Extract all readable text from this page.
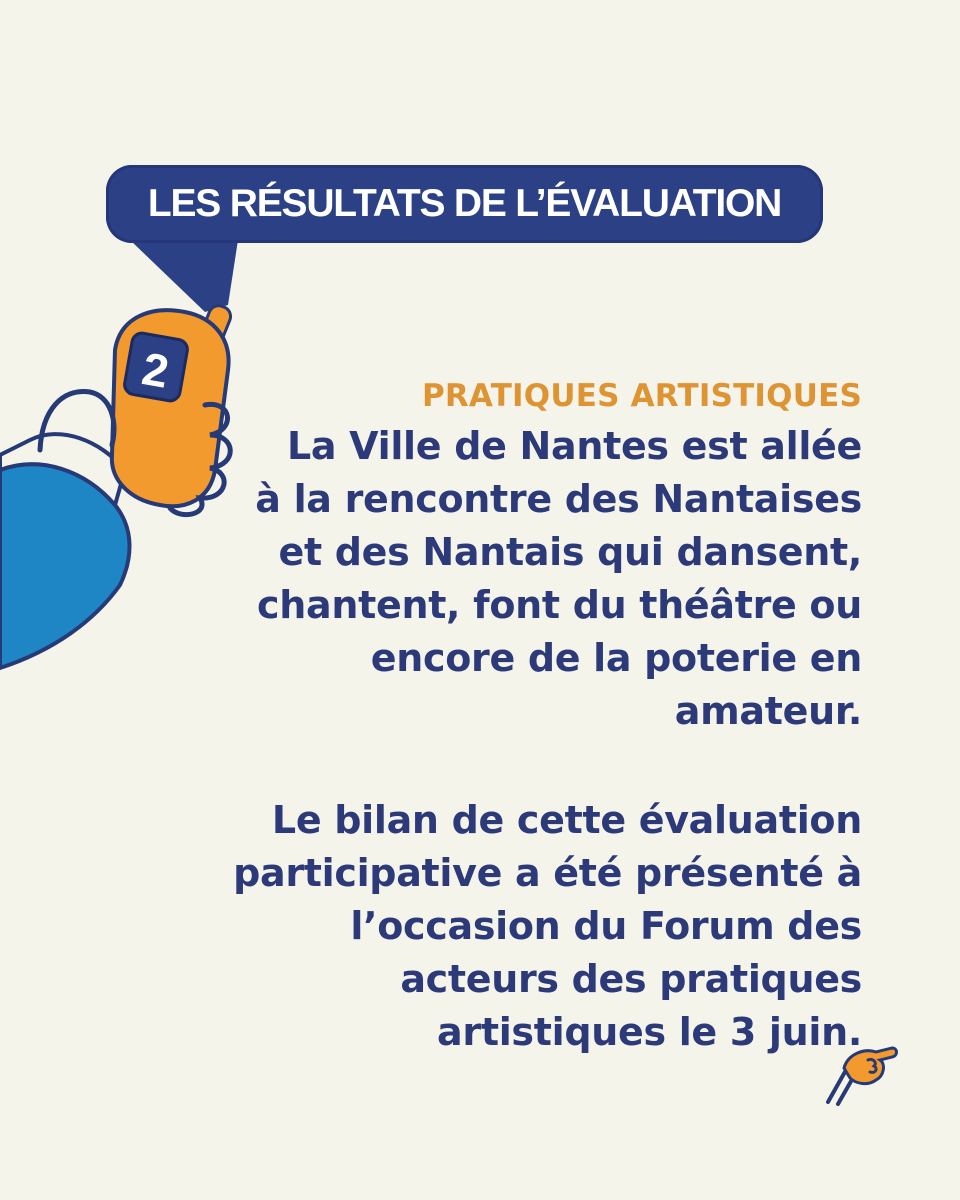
2
LES RÉSULTATS DE L’ÉVALUATION

PRATIQUES ARTISTIQUES

La Ville de Nantes est allée
à la rencontre des Nantaises
et des Nantais qui dansent,
chantent, font du théâtre ou
encore de la poterie en
amateur.

Le bilan de cette évaluation
participative a été présenté à
l’occasion du Forum des
acteurs des pratiques
artistiques le 3 juin.
